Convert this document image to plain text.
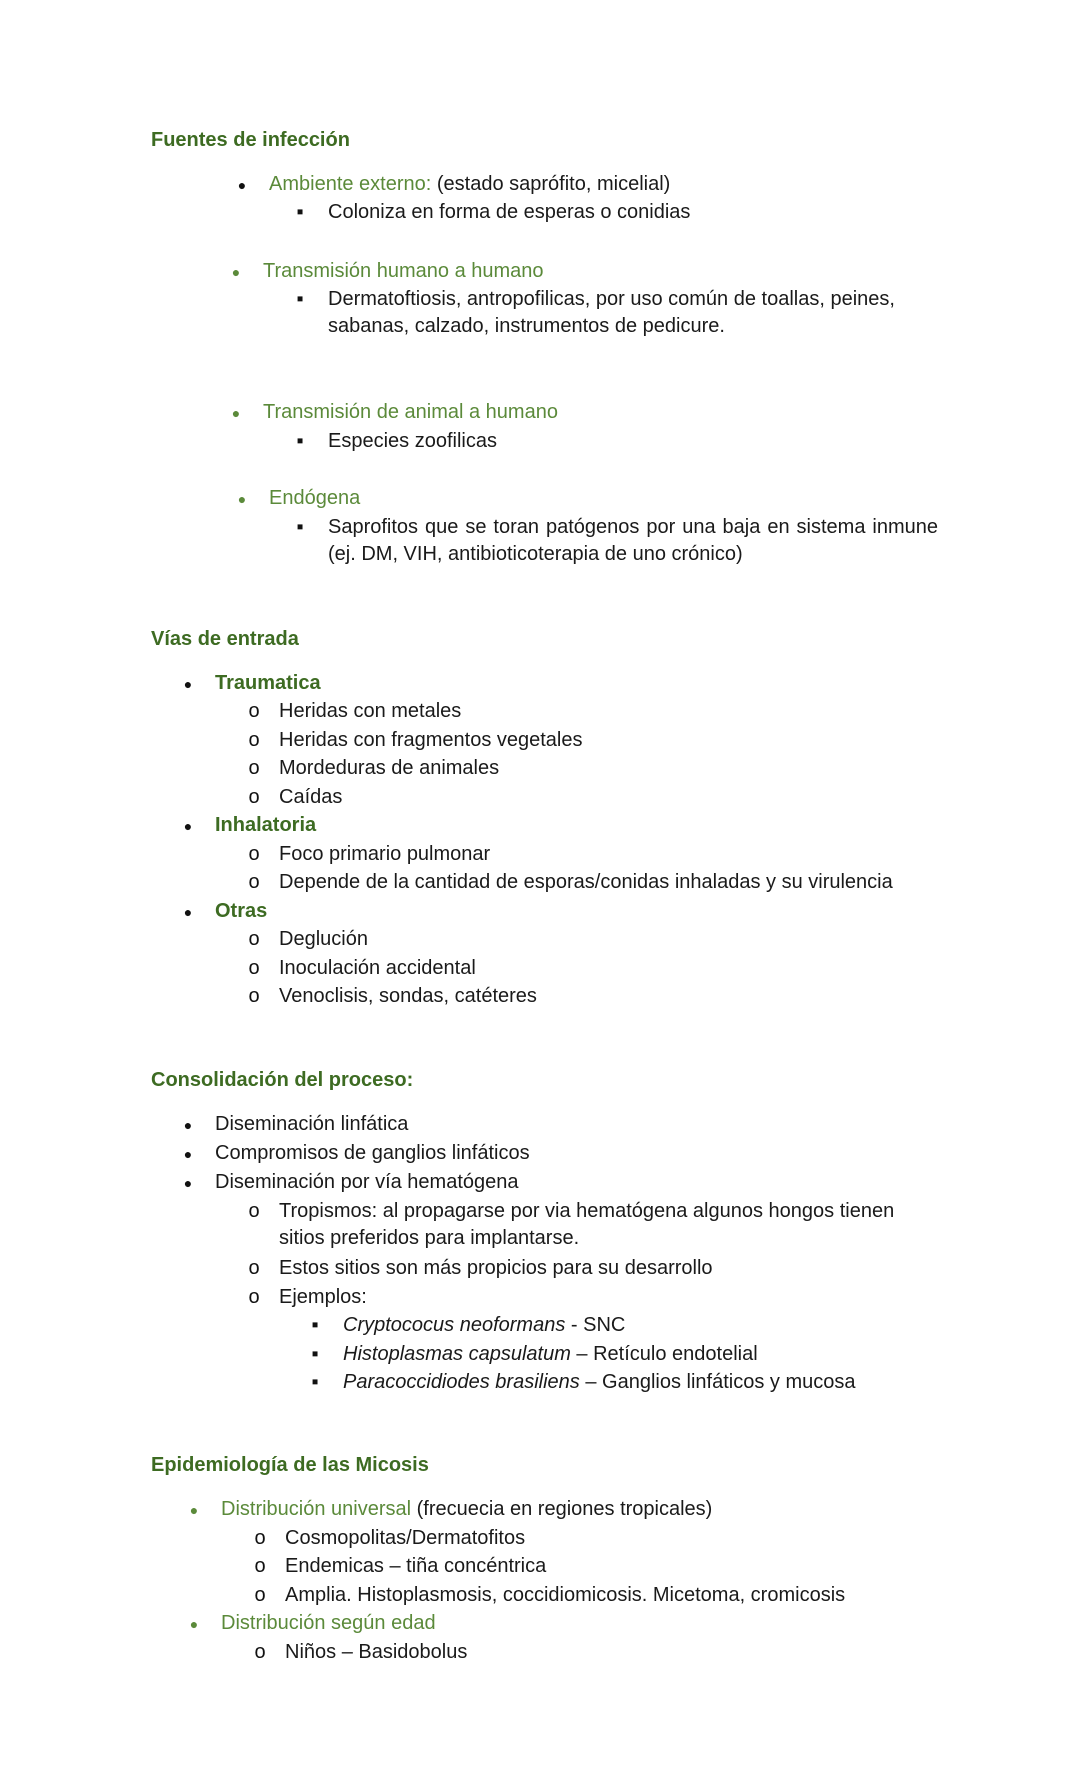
Fuentes de infección
●
Ambiente externo: (estado saprófito, micelial)
▪
Coloniza en forma de esperas o conidias
●
Transmisión humano a humano
▪
Dermatoftiosis, antropofilicas, por uso común de toallas, peines, sabanas, calzado, instrumentos de pedicure.
●
Transmisión de animal a humano
▪
Especies zoofilicas
●
Endógena
▪
Saprofitos que se toran patógenos por una baja en sistema inmune (ej. DM, VIH, antibioticoterapia de uno crónico)
Vías de entrada
●
Traumatica
o
Heridas con metales
o
Heridas con fragmentos vegetales
o
Mordeduras de animales
o
Caídas
●
Inhalatoria
o
Foco primario pulmonar
o
Depende de la cantidad de esporas/conidas inhaladas y su virulencia
●
Otras
o
Deglución
o
Inoculación accidental
o
Venoclisis, sondas, catéteres
Consolidación del proceso:
●
Diseminación linfática
●
Compromisos de ganglios linfáticos
●
Diseminación por vía hematógena
o
Tropismos: al propagarse por via hematógena algunos hongos tienen sitios preferidos para implantarse.
o
Estos sitios son más propicios para su desarrollo
o
Ejemplos:
▪
Cryptococus neoformans - SNC
▪
Histoplasmas capsulatum – Retículo endotelial
▪
Paracoccidiodes brasiliens – Ganglios linfáticos y mucosa
Epidemiología de las Micosis
●
Distribución universal (frecuecia en regiones tropicales)
o
Cosmopolitas/Dermatofitos
o
Endemicas – tiña concéntrica
o
Amplia. Histoplasmosis, coccidiomicosis. Micetoma, cromicosis
●
Distribución según edad
o
Niños – Basidobolus
